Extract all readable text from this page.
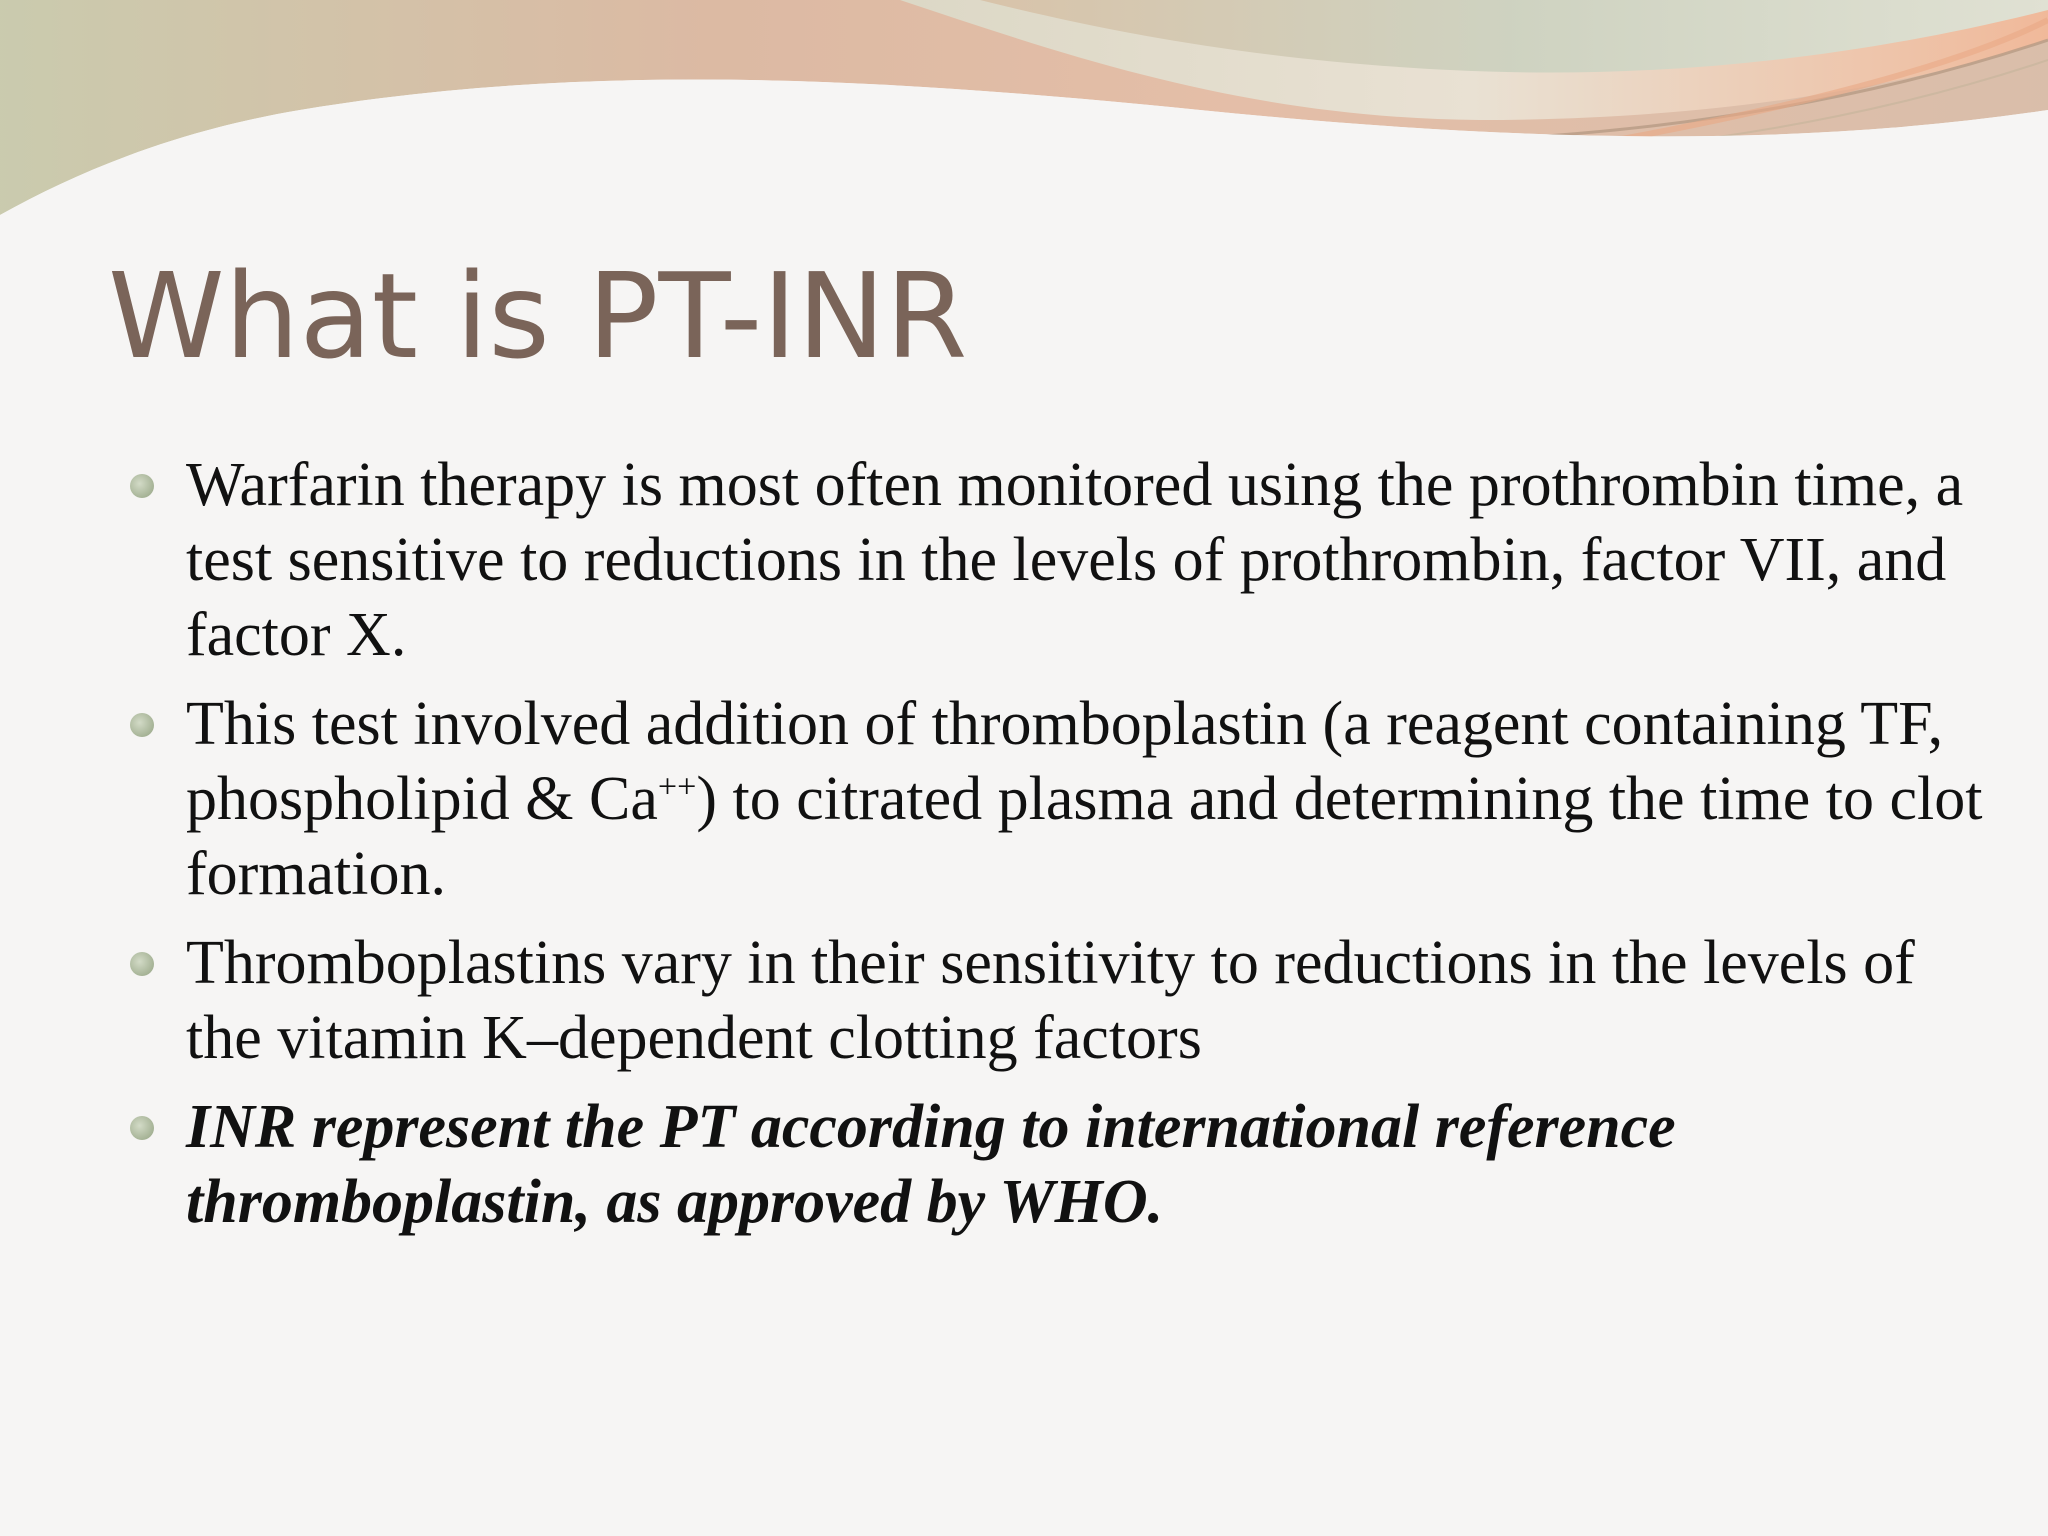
What is PT-INR
Warfarin therapy is most often monitored using the prothrombin time, a test sensitive to reductions in the levels of prothrombin, factor VII, and factor X.
This test involved addition of thromboplastin (a reagent containing TF, phospholipid & Ca++) to citrated plasma and determining the time to clot formation.
Thromboplastins vary in their sensitivity to reductions in the levels of the vitamin K–dependent clotting factors
INR represent the PT according to international reference thromboplastin, as approved by WHO.
